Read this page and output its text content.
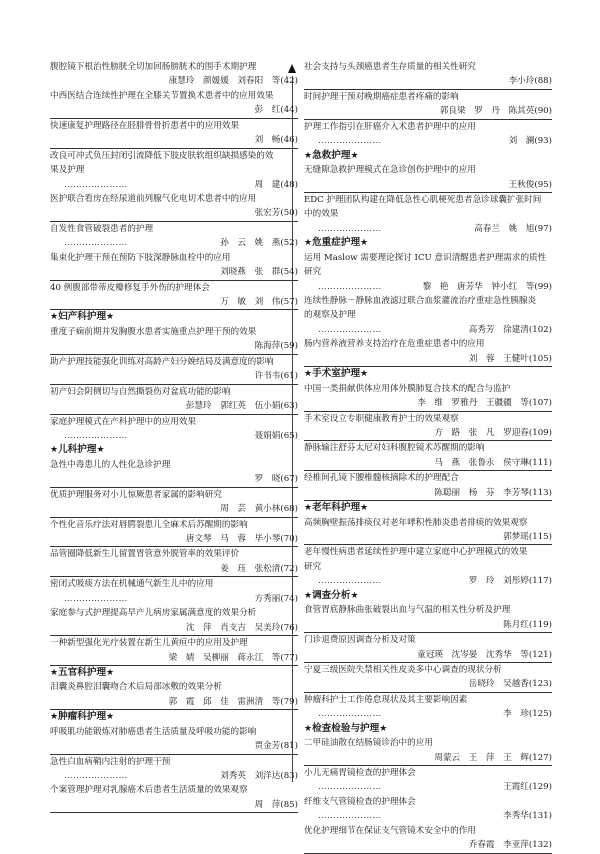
腹腔镜下根治性膀胱全切加回肠膀胱术的围手术期护理
康慧玲　颜媛媛　刘春阳　等(42)
中西医结合连续性护理在全膝关节置换术患者中的应用效果
彭　红(44)
快速康复护理路径在胫腓骨骨折患者中的应用效果
刘　畅(46)
改良可冲式负压封闭引流降低下肢皮肤软组织缺损感染的效
果及护理
…………………	周　建(48)
医护联合看房在经尿道前列腺气化电切术患者中的应用
张宏芳(50)
自发性食管破裂患者的护理
…………………	孙　云　姚　燕(52)
集束化护理干预在预防下肢深静脉血栓中的应用
刘晓燕　张　群(54)
40 例腹部带蒂皮瓣修复手外伤的护理体会
万　敏　刘　伟(57)
★妇产科护理★
重度子痫前期并发胸腹水患者实施重点护理干预的效果
陈海萍(59)
助产护理技能强化训练对高龄产妇分娩结局及满意度的影响
许书韦(61)
初产妇会阴侧切与自然撕裂伤对盆底功能的影响
彭慧玲　郭红英　伍小娟(63)
家庭护理模式在产科护理中的应用效果
…………………	聂娟娟(65)
★儿科护理★
急性中毒患儿的人性化急诊护理
罗　晓(67)
优质护理服务对小儿惊厥患者家属的影响研究
周　芸　黄小林(68)
个性化音乐疗法对唇腭裂患儿全麻术后苏醒期的影响
唐文琴　马　蓉　毕小琴(70)
品管圈降低新生儿留置胃管意外脱管率的效果评价
姜　珏　张松清(72)
密闭式吸痰方法在机械通气新生儿中的应用
…………………	方秀丽(74)
家庭参与式护理提高早产儿病房家属满意度的效果分析
沈　萍　肖支吉　吴美玲(76)
一种新型强化光疗装置在新生儿黄疸中的应用及护理
梁　婧　吴柳丽　蒋永江　等(77)
★五官科护理★
泪囊炎鼻腔泪囊吻合术后局部冰敷的效果分析
郭　霞　邱　佳　雷洲清　等(79)
★肿瘤科护理★
呼吸肌功能锻炼对肺癌患者生活质量及呼吸功能的影响
贾金芳(81)
急性白血病鞘内注射的护理干预
…………………	刘秀英　刘洋达(83)
个案管理护理对乳腺癌术后患者生活质量的效果观察
周　萍(85)
社会支持与头颈癌患者生存质量的相关性研究
李小玲(88)
时间护理干预对晚期癌症患者疼痛的影响
郭良梁　罗　丹　陈其英(90)
护理工作指引在肝癌介入术患者护理中的应用
…………………	刘　澜(93)
★急救护理★
无缝隙急救护理模式在急诊创伤护理中的应用
王秋俊(95)
EDC 护理团队构建在降低急性心肌梗死患者急诊球囊扩张时间
中的效果
…………………	高春兰　姚　旭(97)
★危重症护理★
运用 Maslow 需要理论探讨 ICU 意识清醒患者护理需求的质性
研究
…………………	黎　艳　唐芳华　钟小红　等(99)
连续性静脉－静脉血液滤过联合血浆灌流治疗重症急性胰腺炎
的观察及护理
…………………	高秀芳　徐建清(102)
肠内营养液营养支持治疗在危重症患者中的应用
刘　蓉　王健叶(105)
★手术室护理★
中国一类捐献供体应用体外膜肺复合技术的配合与监护
李　维　罗雅丹　王疆疆　等(107)
手术室设立专职健康教育护士的效果观察
方　路　张　凡　罗迎春(109)
静脉输注舒芬太尼对妇科腹腔镜术苏醒期的影响
马　燕　张鲁永　侯守琳(111)
经椎间孔镜下腰椎髓核摘除术的护理配合
陈聪丽　杨　芬　李芳琴(113)
★老年科护理★
高频胸壁振荡排痰仪对老年哮积性肺炎患者排痰的效果观察
郭梦瑶(115)
老年慢性病患者延续性护理中建立家庭中心护理模式的效果
研究
…………………	罗　玲　刘彤婷(117)
★调查分析★
食管胃底静脉曲张破裂出血与气温的相关性分析及护理
陈月红(119)
门诊退费原因调查分析及对策
童冠瑛　沈岑晏　沈秀华　等(121)
宁夏三级医院失禁相关性皮炎多中心调查的现状分析
岳晓玲　吴越香(123)
肿瘤科护士工作倦怠现状及其主要影响因素
…………………	李　珍(125)
★检查检验与护理★
二甲硅油散在结肠镜诊治中的应用
周蒙云　王　萍　王　辉(127)
小儿无痛胃镜检查的护理体会
…………………	王霞红(129)
纤维支气管镜检查的护理体会
…………………	李秀华(131)
优化护理细节在保证支气管镜术安全中的作用
乔春霞　李亚萍(132)
